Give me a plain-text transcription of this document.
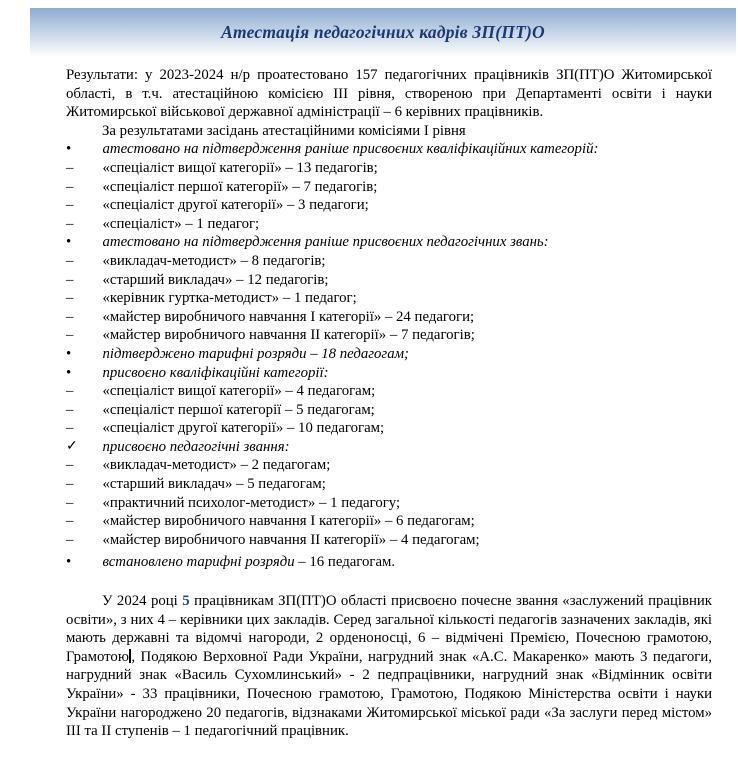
Атестація педагогічних кадрів ЗП(ПТ)О

Результати: у 2023-2024 н/р проатестовано 157 педагогічних працівників ЗП(ПТ)О Житомирської області, в т.ч. атестаційною комісією ІІІ рівня, створеною при Департаменті освіти і науки Житомирської військової державної адміністрації – 6 керівних працівників.

За результатами засідань атестаційними комісіями І рівня

• атестовано на підтвердження раніше присвоєних кваліфікаційних категорій:
– «спеціаліст вищої категорії» – 13 педагогів;
– «спеціаліст першої категорії» – 7 педагогів;
– «спеціаліст другої категорії» – 3 педагоги;
– «спеціаліст» – 1 педагог;
• атестовано на підтвердження раніше присвоєних педагогічних звань:
– «викладач-методист» – 8 педагогів;
– «старший викладач» – 12 педагогів;
– «керівник гуртка-методист» – 1 педагог;
– «майстер виробничого навчання І категорії» – 24 педагоги;
– «майстер виробничого навчання ІІ категорії» – 7 педагогів;
• підтверджено тарифні розряди – 18 педагогам;
• присвоєно кваліфікаційні категорії:
– «спеціаліст вищої категорії» – 4 педагогам;
– «спеціаліст першої категорії – 5 педагогам;
– «спеціаліст другої категорії» – 10 педагогам;
✓ присвоєно педагогічні звання:
– «викладач-методист» – 2 педагогам;
– «старший викладач» – 5 педагогам;
– «практичний психолог-методист» – 1 педагогу;
– «майстер виробничого навчання І категорії» – 6 педагогам;
– «майстер виробничого навчання ІІ категорії» – 4 педагогам;
• встановлено тарифні розряди – 16 педагогам.

У 2024 році 5 працівникам ЗП(ПТ)О області присвоєно почесне звання «заслужений працівник освіти», з них 4 – керівники цих закладів. Серед загальної кількості педагогів зазначених закладів, які мають державні та відомчі нагороди, 2 орденоносці, 6 – відмічені Премією, Почесною грамотою, Грамотою , Подякою Верховної Ради України, нагрудний знак «А.С. Макаренко» мають 3 педагоги, нагрудний знак «Василь Сухомлинський» - 2 педпрацівники, нагрудний знак «Відмінник освіти України» - 33 працівники, Почесною грамотою, Грамотою, Подякою Міністерства освіти і науки України нагороджено 20 педагогів, відзнаками Житомирської міської ради «За заслуги перед містом» ІІІ та ІІ ступенів – 1 педагогічний працівник.
